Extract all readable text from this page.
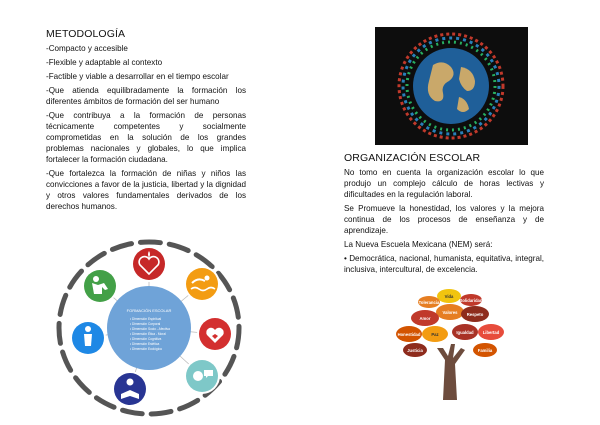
METODOLOGÍA

-Compacto y accesible

-Flexible y adaptable al contexto

-Factible y viable a desarrollar en el tiempo escolar

-Que atienda equilibradamente la formación los diferentes ámbitos de formación del ser humano

-Que contribuya a la formación de personas técnicamente competentes y socialmente comprometidas en la solución de los grandes problemas nacionales y globales, lo que implica fortalecer la formación ciudadana.

-Que fortalezca la formación de niñas y niños las convicciones a favor de la justicia, libertad y la dignidad y otros valores fundamentales derivados de los derechos humanos.

FORMACIÓN ESCOLAR
• Dimensión Espiritual
• Dimensión Corporal
• Dimensión Socio - Afectiva
• Dimensión Ética - Moral
• Dimensión Cognitiva
• Dimensión Estética
• Dimensión Ecológica
ORGANIZACIÓN ESCOLAR

No tomo en cuenta la organización escolar lo que produjo un complejo cálculo de horas lectivas y dificultades en la regulación laboral.

Se Promueve la honestidad, los valores y la mejora continua de los procesos de enseñanza y de aprendizaje.

La Nueva Escuela Mexicana (NEM) será:

• Democrática, nacional, humanista, equitativa, integral, inclusiva, intercultural, de excelencia.

Valores
Vida
Amor
Respeto
Honestidad	Paz	Igualdad Libertad
Justicia	Familia
Tolerancia	Solidaridad
